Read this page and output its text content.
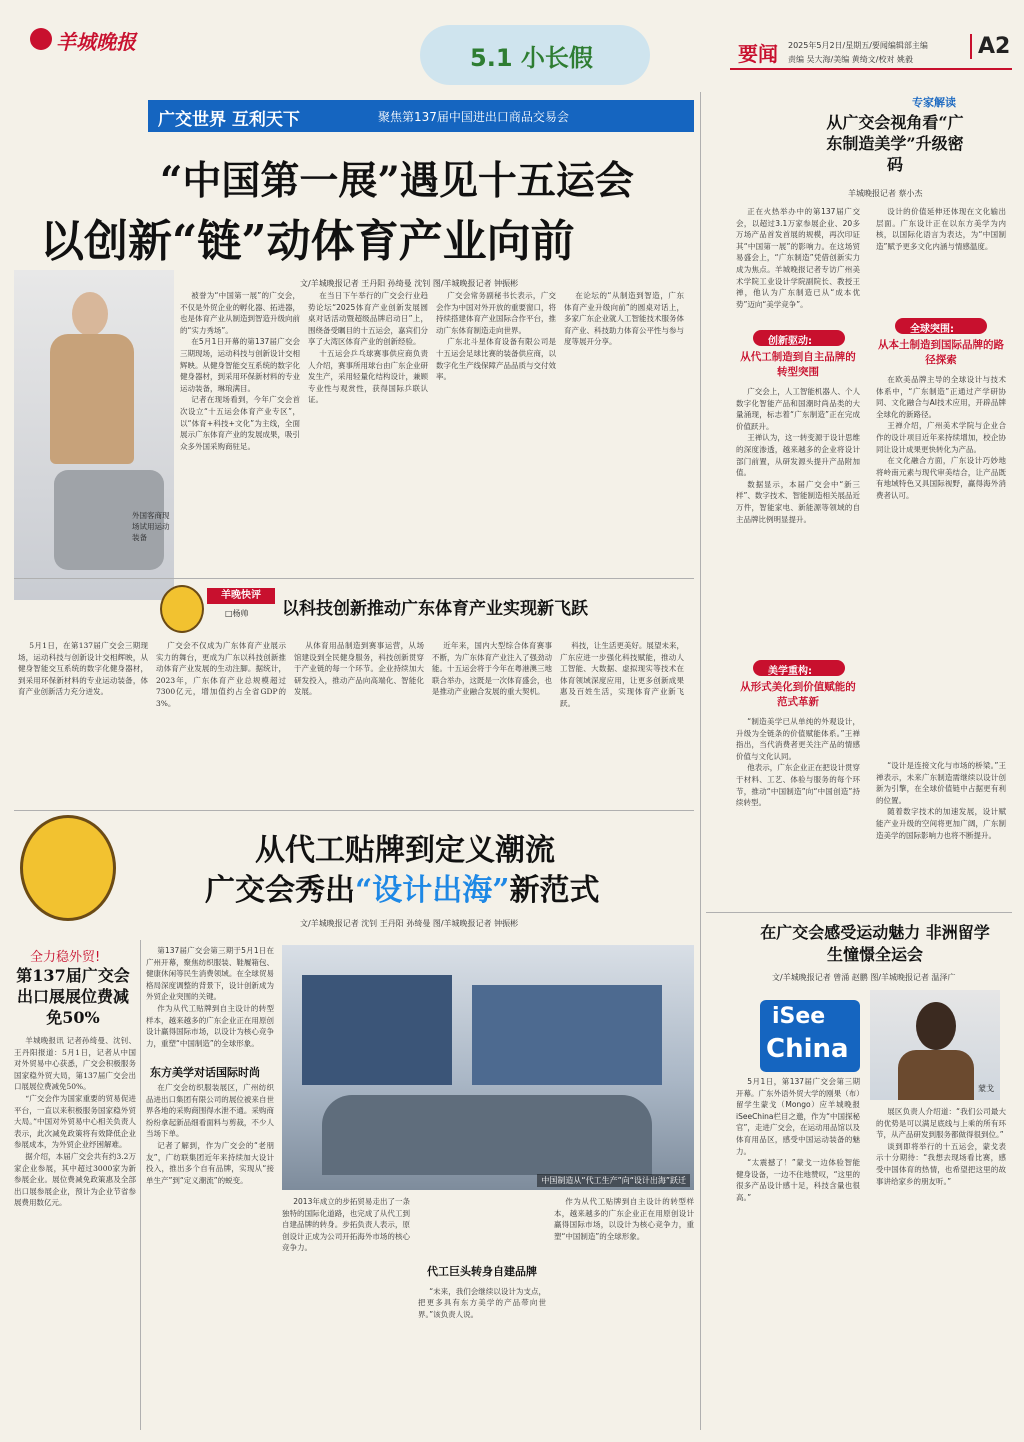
羊城晚报
5.1 小长假	要闻 2025年5月2日/星期五/要闻编辑部主编
责编 吴大海/美编 黄绮文/校对 姚毅
A2
广交世界 互利天下	聚焦第137届中国进出口商品交易会
“中国第一展”遇见十五运会
以创新“链”动体育产业向前
文/羊城晚报记者 王丹阳 孙绮曼 沈钊 图/羊城晚报记者 钟振彬
外国客商现场试用运动装备

被誉为“中国第一展”的广交会，不仅是外贸企业的孵化器、拓进器，也是体育产业从制造到智造升级向前的“实力秀场”。

在5月1日开幕的第137届广交会三期现场，运动科技与创新设计交相辉映。从健身智能交互系统的数字化健身器材，到采用环保新材料的专业运动装备，琳琅满目。

记者在现场看到，今年广交会首次设立“十五运会体育产业专区”，以“体育+科技+文化”为主线，全面展示广东体育产业的发展成果，吸引众多外国采购商驻足。

在当日下午举行的广交会行业趋势论坛“2025体育产业创新发展圆桌对话活动暨超级品牌启动日”上，围绕备受瞩目的十五运会，嘉宾们分享了大湾区体育产业的创新经验。

十五运会乒乓球赛事供应商负责人介绍，赛事所用球台由广东企业研发生产，采用轻量化结构设计，兼顾专业性与观赏性，获得国际乒联认证。

广交会常务副秘书长表示，广交会作为中国对外开放的重要窗口，将持续搭建体育产业国际合作平台，推动广东体育制造走向世界。

广东北斗星体育设备有限公司是十五运会足球比赛的装备供应商，以数字化生产线保障产品品质与交付效率。

在论坛的“从制造到智造，广东体育产业升级向前”的圆桌对话上，多家广东企业就人工智能技术服务体育产业、科技助力体育公平性与参与度等展开分享。

羊晚快评
□杨帅 以科技创新推动广东体育产业实现新飞跃

5月1日，在第137届广交会三期现场，运动科技与创新设计交相辉映，从健身智能交互系统的数字化健身器材，到采用环保新材料的专业运动装备，体育产业创新活力充分迸发。

广交会不仅成为广东体育产业展示实力的舞台，更成为广东以科技创新推动体育产业发展的生动注脚。据统计，2023年，广东体育产业总规模超过7300亿元，增加值约占全省GDP的3%。

从体育用品制造到赛事运营，从场馆建设到全民健身服务，科技创新贯穿于产业链的每一个环节。企业持续加大研发投入，推动产品向高端化、智能化发展。

近年来，国内大型综合体育赛事不断，为广东体育产业注入了强劲动能。十五运会将于今年在粤港澳三地联合举办，这既是一次体育盛会，也是推动产业融合发展的重大契机。

科技，让生活更美好。展望未来，广东应进一步强化科技赋能，推动人工智能、大数据、虚拟现实等技术在体育领域深度应用，让更多创新成果惠及百姓生活，实现体育产业新飞跃。

从代工贴牌到定义潮流
广交会秀出“设计出海”新范式
文/羊城晚报记者 沈钊 王丹阳 孙绮曼 图/羊城晚报记者 钟振彬
全力稳外贸!
第137届广交会出口展展位费减免50%

羊城晚报讯 记者孙绮曼、沈钊、王丹阳报道：5月1日，记者从中国对外贸易中心获悉，广交会积极服务国家稳外贸大局，第137届广交会出口展展位费减免50%。

“广交会作为国家重要的贸易促进平台，一直以来积极服务国家稳外贸大局。”中国对外贸易中心相关负责人表示，此次减免政策将有效降低企业参展成本，为外贸企业纾困解难。

据介绍，本届广交会共有约3.2万家企业参展，其中超过3000家为新参展企业。展位费减免政策惠及全部出口展参展企业，预计为企业节省参展费用数亿元。

第137届广交会第三期于5月1日在广州开幕，聚焦纺织服装、鞋履箱包、健康休闲等民生消费领域。在全球贸易格局深度调整的背景下，设计创新成为外贸企业突围的关键。

作为从代工贴牌到自主设计的转型样本，越来越多的广东企业正在用原创设计赢得国际市场，以设计为核心竞争力，重塑“中国制造”的全球形象。

东方美学对话国际时尚

在广交会纺织服装展区，广州纺织品进出口集团有限公司的展位被来自世界各地的采购商围得水泄不通。采购商纷纷拿起新品细看面料与剪裁，不少人当场下单。

记者了解到，作为广交会的“老朋友”，广纺联集团近年来持续加大设计投入，推出多个自有品牌，实现从“接单生产”到“定义潮流”的蜕变。	中国制造从“代工生产”向“设计出海”跃迁

2013年成立的步拓贸易走出了一条独特的国际化道路，也完成了从代工到自建品牌的转身。步拓负责人表示，原创设计正成为公司开拓海外市场的核心竞争力。

代工巨头转身自建品牌

“未来，我们会继续以设计为支点，把更多具有东方美学的产品带向世界。”该负责人说。

作为从代工贴牌到自主设计的转型样本，越来越多的广东企业正在用原创设计赢得国际市场，以设计为核心竞争力，重塑“中国制造”的全球形象。

专家解读
从广交会视角看“广东制造美学”升级密码
羊城晚报记者 蔡小杰

正在火热举办中的第137届广交会，以超过3.1万家参展企业、20多万场产品首发首展的规模，再次印证其“中国第一展”的影响力。在这场贸易盛会上，“广东制造”凭借创新实力成为焦点。羊城晚报记者专访广州美术学院工业设计学院副院长、教授王禅，他认为广东制造已从“成本优势”迈向“美学竞争”。

创新驱动:
从代工制造到自主品牌的转型突围

广交会上，人工智能机器人、个人数字化智能产品和国潮时尚品类的大量涌现，标志着“广东制造”正在完成价值跃升。

王禅认为，这一转变源于设计思维的深度渗透，越来越多的企业将设计部门前置，从研发源头提升产品附加值。

数据显示，本届广交会中“新三样”、数字技术、智能制造相关展品近万件，智能家电、新能源等领域的自主品牌比例明显提升。

美学重构:
从形式美化到价值赋能的范式革新

“制造美学已从单纯的外观设计，升级为全链条的价值赋能体系。”王禅指出，当代消费者更关注产品的情感价值与文化认同。

他表示，广东企业正在把设计贯穿于材料、工艺、体验与服务的每个环节，推动“中国制造”向“中国创造”持续转型。

设计的价值延伸还体现在文化输出层面。广东设计正在以东方美学为内核，以国际化语言为表达，为“中国制造”赋予更多文化内涵与情感温度。

全球突围:
从本土制造到国际品牌的路径探索

在欧美品牌主导的全球设计与技术体系中，“广东制造”正通过产学研协同、文化融合与AI技术应用，开辟品牌全球化的新路径。

王禅介绍，广州美术学院与企业合作的设计项目近年来持续增加，校企协同让设计成果更快转化为产品。

在文化融合方面，广东设计巧妙地将岭南元素与现代审美结合，让产品既有地域特色又具国际视野，赢得海外消费者认可。

“设计是连接文化与市场的桥梁。”王禅表示，未来广东制造需继续以设计创新为引擎，在全球价值链中占据更有利的位置。

随着数字技术的加速发展，设计赋能产业升级的空间将更加广阔，广东制造美学的国际影响力也将不断提升。

在广交会感受运动魅力 非洲留学生憧憬全运会
文/羊城晚报记者 曾涌 赵鹏 图/羊城晚报记者 温泽广
iSee
China
蒙戈

5月1日，第137届广交会第三期开幕。广东外语外贸大学的刚果（布）留学生蒙戈（Mongo）应羊城晚报iSeeChina栏目之邀，作为“中国探秘官”，走进广交会，在运动用品馆以及体育用品区，感受中国运动装备的魅力。

“太震撼了！”蒙戈一边体验智能健身设备，一边不住地赞叹，“这里的很多产品设计感十足，科技含量也很高。”

展区负责人介绍道：“我们公司最大的优势是可以满足底线与上乘的所有环节，从产品研发到服务都做得很到位。”

谈到即将举行的十五运会，蒙戈表示十分期待：“我想去现场看比赛，感受中国体育的热情，也希望把这里的故事讲给家乡的朋友听。”
